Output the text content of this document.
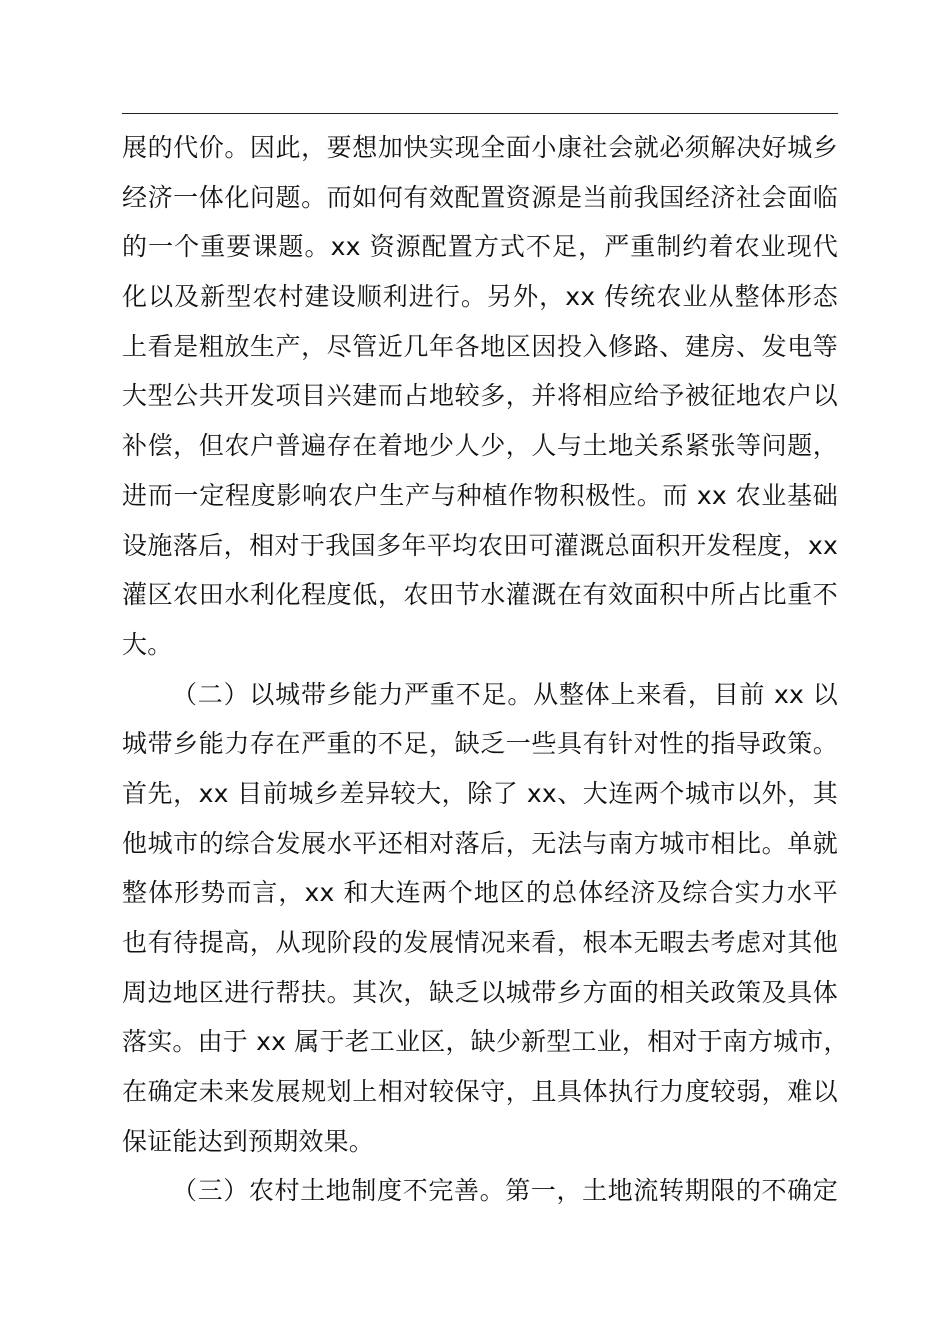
展的代价。因此，要想加快实现全面小康社会就必须解决好城乡
经济一体化问题。而如何有效配置资源是当前我国经济社会面临
的一个重要课题。xx 资源配置方式不足，严重制约着农业现代
化以及新型农村建设顺利进行。另外，xx 传统农业从整体形态
上看是粗放生产，尽管近几年各地区因投入修路、建房、发电等
大型公共开发项目兴建而占地较多，并将相应给予被征地农户以
补偿，但农户普遍存在着地少人少，人与土地关系紧张等问题，
进而一定程度影响农户生产与种植作物积极性。而 xx 农业基础
设施落后，相对于我国多年平均农田可灌溉总面积开发程度，xx
灌区农田水利化程度低，农田节水灌溉在有效面积中所占比重不
大。
（二）以城带乡能力严重不足。从整体上来看，目前 xx 以
城带乡能力存在严重的不足，缺乏一些具有针对性的指导政策。
首先，xx 目前城乡差异较大，除了 xx、大连两个城市以外，其
他城市的综合发展水平还相对落后，无法与南方城市相比。单就
整体形势而言，xx 和大连两个地区的总体经济及综合实力水平
也有待提高，从现阶段的发展情况来看，根本无暇去考虑对其他
周边地区进行帮扶。其次，缺乏以城带乡方面的相关政策及具体
落实。由于 xx 属于老工业区，缺少新型工业，相对于南方城市，
在确定未来发展规划上相对较保守，且具体执行力度较弱，难以
保证能达到预期效果。
（三）农村土地制度不完善。第一，土地流转期限的不确定
